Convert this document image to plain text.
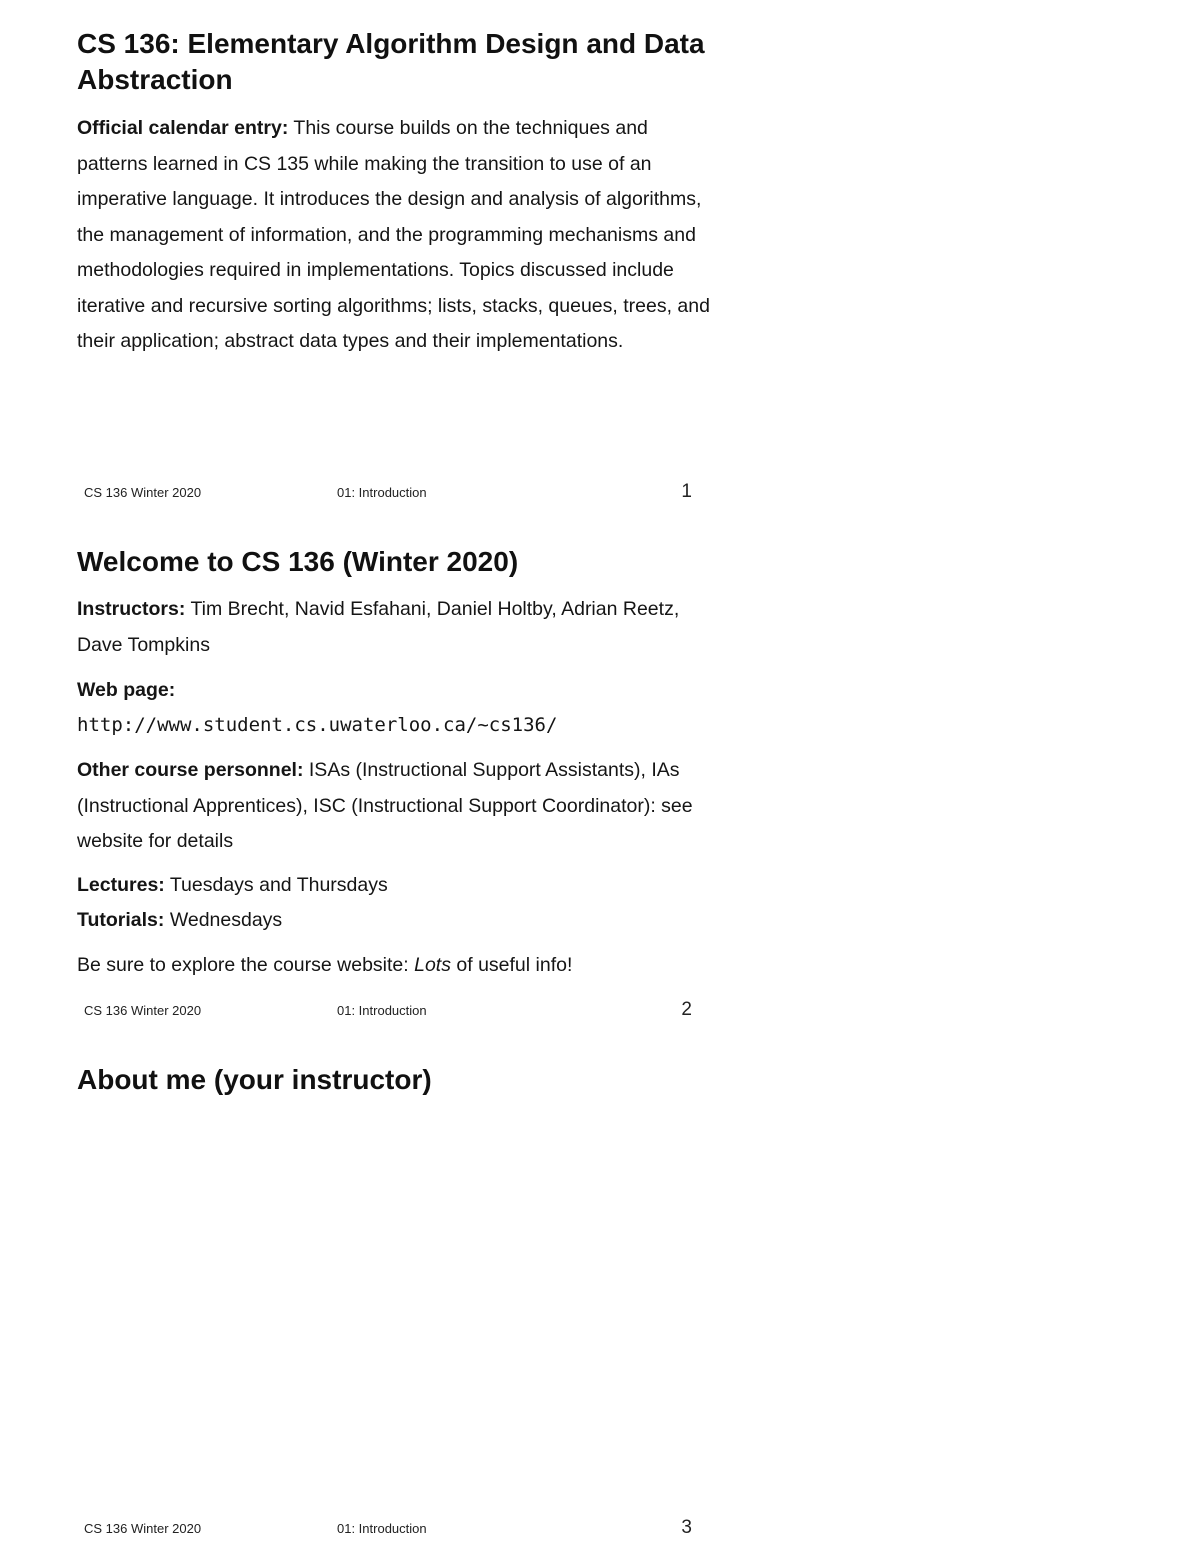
CS 136: Elementary Algorithm Design and Data Abstraction

Official calendar entry: This course builds on the techniques and patterns learned in CS 135 while making the transition to use of an imperative language. It introduces the design and analysis of algorithms, the management of information, and the programming mechanisms and methodologies required in implementations. Topics discussed include iterative and recursive sorting algorithms; lists, stacks, queues, trees, and their application; abstract data types and their implementations.

CS 136 Winter 2020	01: Introduction	1
Welcome to CS 136 (Winter 2020)

Instructors: Tim Brecht, Navid Esfahani, Daniel Holtby, Adrian Reetz, Dave Tompkins

Web page:

http://www.student.cs.uwaterloo.ca/~cs136/

Other course personnel: ISAs (Instructional Support Assistants), IAs (Instructional Apprentices), ISC (Instructional Support Coordinator): see website for details

Lectures: Tuesdays and Thursdays

Tutorials: Wednesdays

Be sure to explore the course website: Lots of useful info!

CS 136 Winter 2020	01: Introduction	2
About me (your instructor)
CS 136 Winter 2020	01: Introduction	3
